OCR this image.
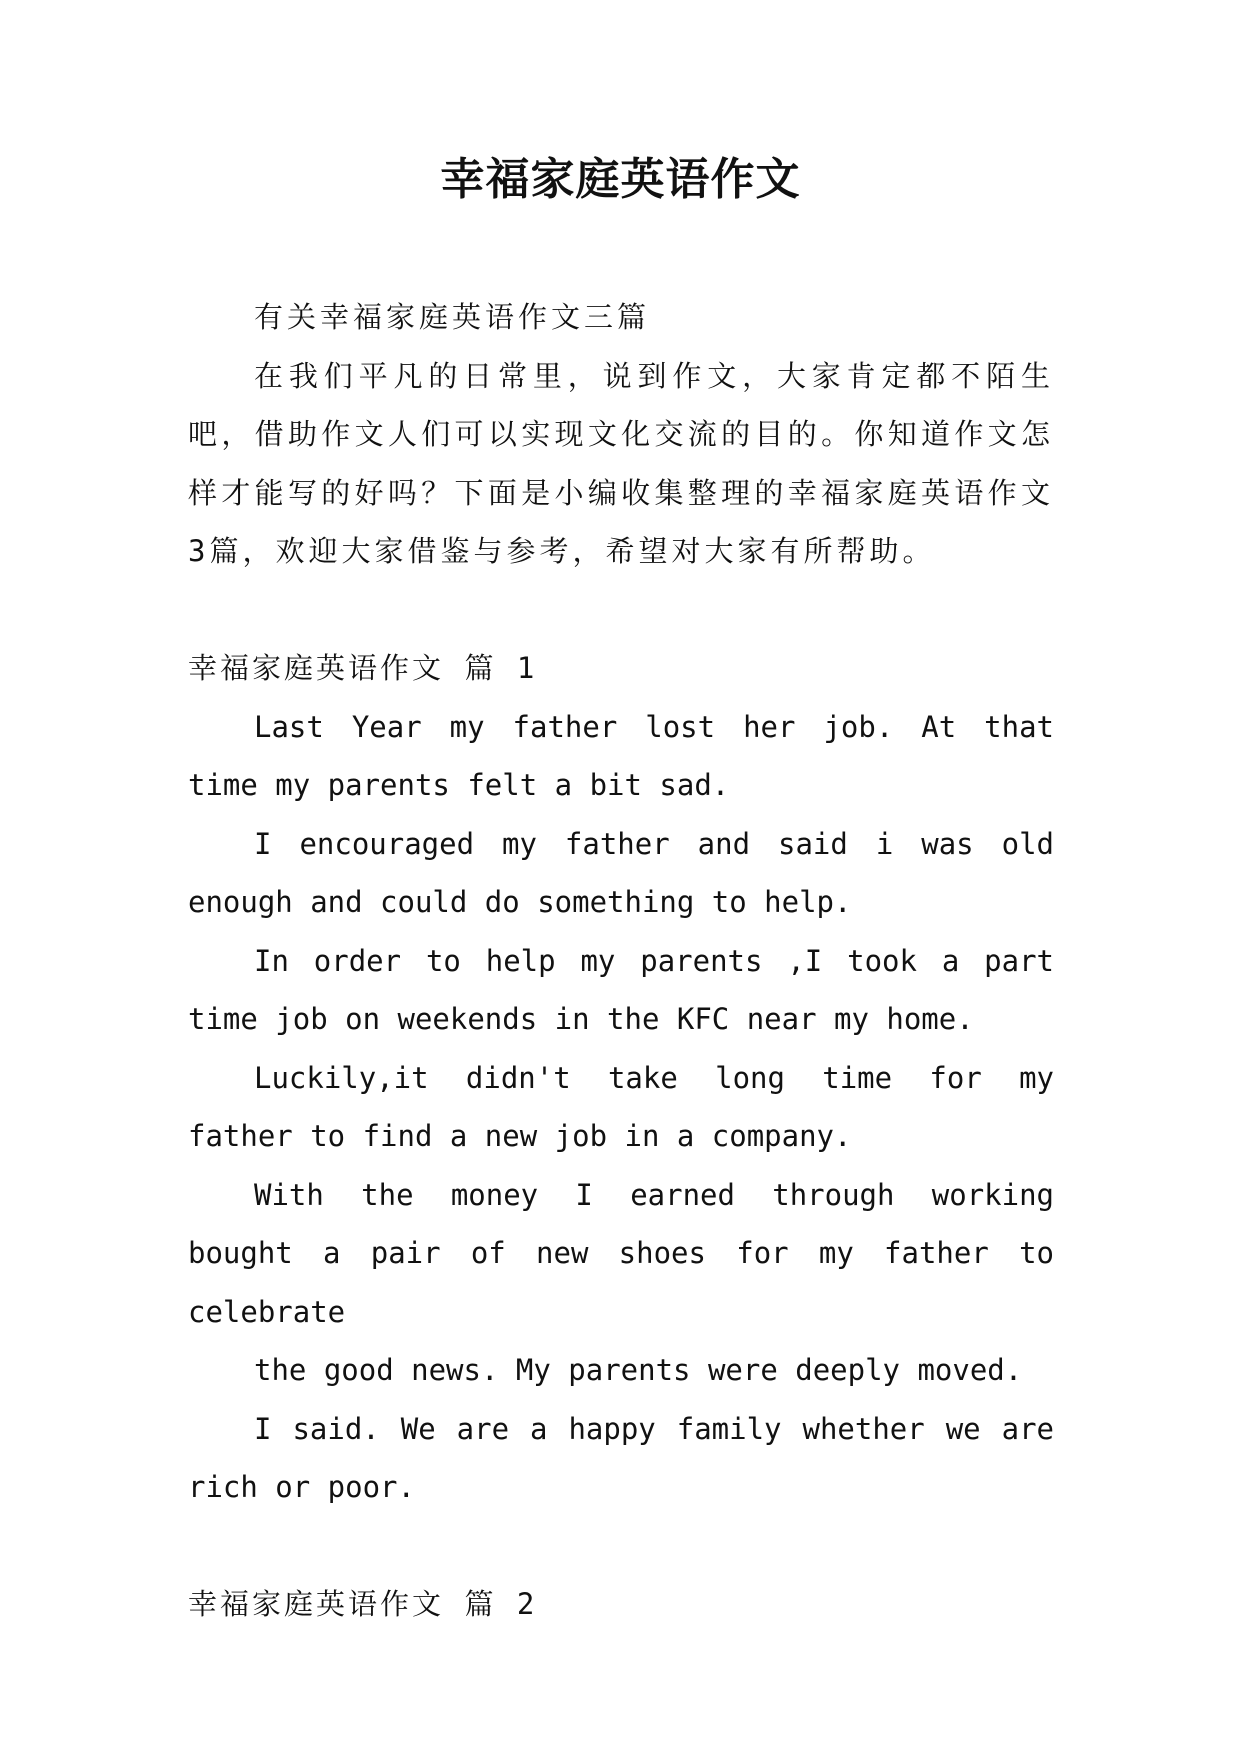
幸福家庭英语作文

有关幸福家庭英语作文三篇

在我们平凡的日常里，说到作文，大家肯定都不陌生吧，借助作文人们可以实现文化交流的目的。你知道作文怎样才能写的好吗？下面是小编收集整理的幸福家庭英语作文3篇，欢迎大家借鉴与参考，希望对大家有所帮助。

幸福家庭英语作文 篇 1

Last Year my father lost her job. At that time my parents felt a bit sad.

I encouraged my father and said i was old enough and could do something to help.

In order to help my parents ,I took a part time job on weekends in the KFC near my home.

Luckily,it didn't take long time for my father to find a new job in a company.

With the money I earned through working bought a pair of new shoes for my father to celebrate

the good news. My parents were deeply moved.

I said. We are a happy family whether we are rich or poor.

幸福家庭英语作文 篇 2
